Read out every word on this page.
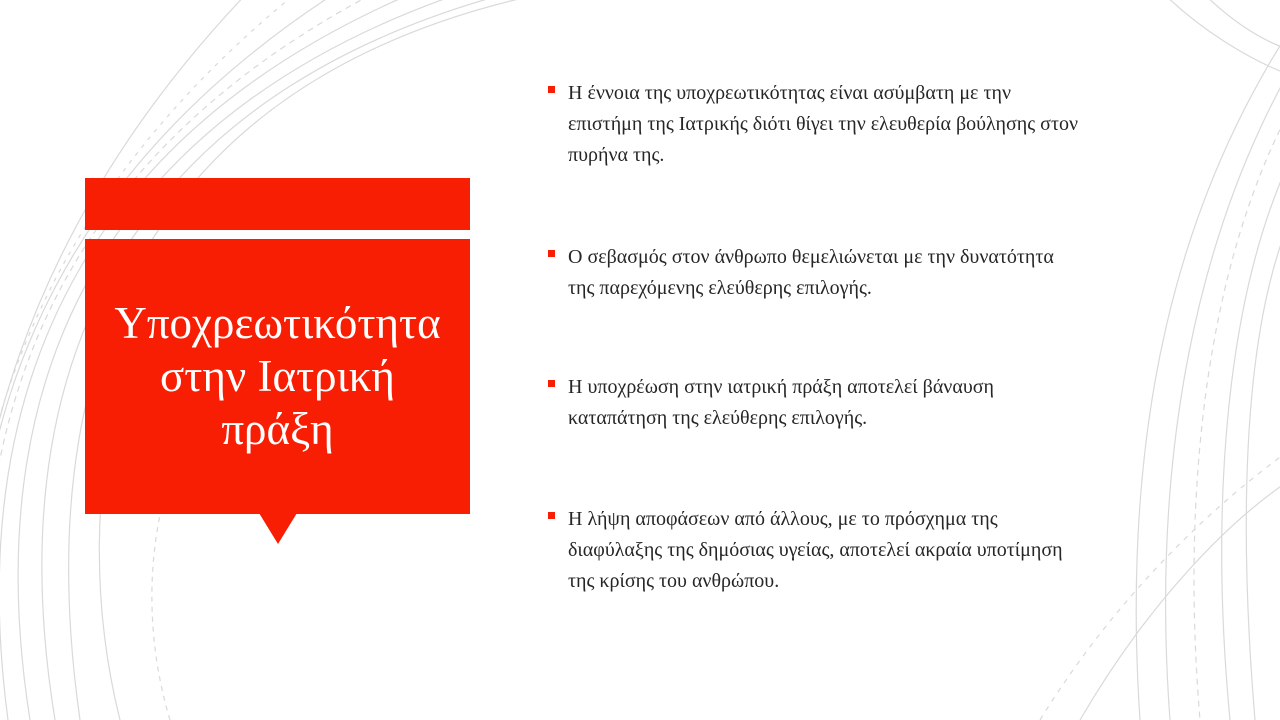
Υποχρεωτικότητα
στην Ιατρική
πράξη
Η έννοια της υποχρεωτικότητας είναι ασύμβατη με την
επιστήμη της Ιατρικής διότι θίγει την ελευθερία βούλησης στον
πυρήνα της.
Ο σεβασμός στον άνθρωπο θεμελιώνεται με την δυνατότητα
της παρεχόμενης ελεύθερης επιλογής.
Η υποχρέωση στην ιατρική πράξη αποτελεί βάναυση
καταπάτηση της ελεύθερης επιλογής.
Η λήψη αποφάσεων από άλλους, με το πρόσχημα της
διαφύλαξης της δημόσιας υγείας, αποτελεί ακραία υποτίμηση
της κρίσης του ανθρώπου.
